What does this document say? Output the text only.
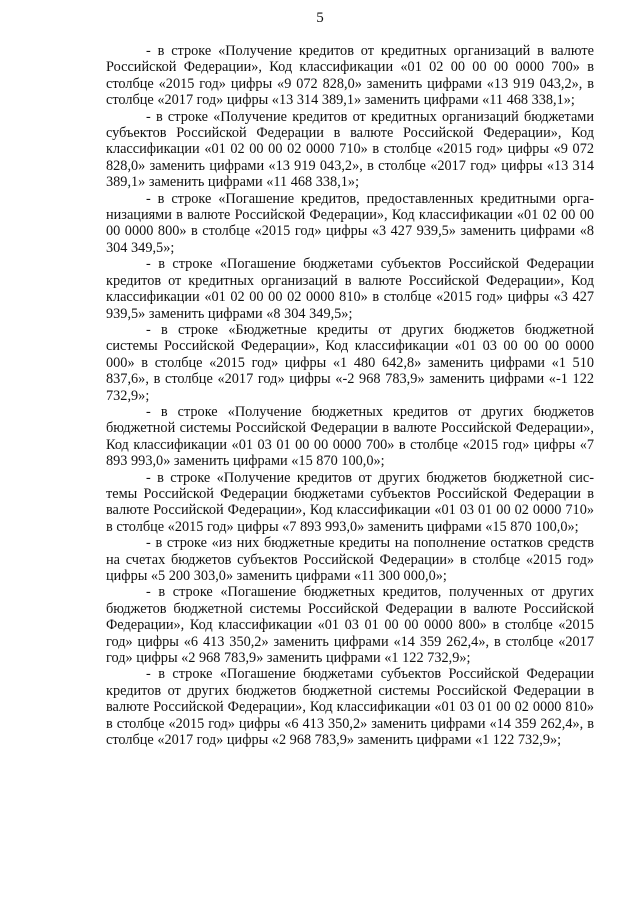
5

- в строке «Получение кредитов от кредитных организаций в валюте Российской Федерации», Код классификации «01 02 00 00 00 0000 700» в столбце «2015 год» цифры «9 072 828,0» заменить цифрами «13 919 043,2», в столбце «2017 год» цифры «13 314 389,1» заменить цифрами «11 468 338,1»;

- в строке «Получение кредитов от кредитных организаций бюджетами субъектов Российской Федерации в валюте Российской Федерации», Код классификации «01 02 00 00 02 0000 710» в столбце «2015 год» цифры «9 072 828,0» заменить цифрами «13 919 043,2», в столбце «2017 год» цифры «13 314 389,1» заменить цифрами «11 468 338,1»;

- в строке «Погашение кредитов, предоставленных кредитными организациями в валюте Российской Федерации», Код классификации «01 02 00 00 00 0000 800» в столбце «2015 год» цифры «3 427 939,5» заменить цифрами «8 304 349,5»;

- в строке «Погашение бюджетами субъектов Российской Федерации кредитов от кредитных организаций в валюте Российской Федерации», Код классификации «01 02 00 00 02 0000 810» в столбце «2015 год» цифры «3 427 939,5» заменить цифрами «8 304 349,5»;

- в строке «Бюджетные кредиты от других бюджетов бюджетной системы Российской Федерации», Код классификации «01 03 00 00 00 0000 000» в столбце «2015 год» цифры «1 480 642,8» заменить цифрами «1 510 837,6», в столбце «2017 год» цифры «-2 968 783,9» заменить цифрами «-1 122 732,9»;

- в строке «Получение бюджетных кредитов от других бюджетов бюджетной системы Российской Федерации в валюте Российской Федерации», Код классификации «01 03 01 00 00 0000 700» в столбце «2015 год» цифры «7 893 993,0» заменить цифрами «15 870 100,0»;

- в строке «Получение кредитов от других бюджетов бюджетной системы Российской Федерации бюджетами субъектов Российской Федерации в валюте Российской Федерации», Код классификации «01 03 01 00 02 0000 710» в столбце «2015 год» цифры «7 893 993,0» заменить цифрами «15 870 100,0»;

- в строке «из них бюджетные кредиты на пополнение остатков средств на счетах бюджетов субъектов Российской Федерации» в столбце «2015 год» цифры «5 200 303,0» заменить цифрами «11 300 000,0»;

- в строке «Погашение бюджетных кредитов, полученных от других бюджетов бюджетной системы Российской Федерации в валюте Российской Федерации», Код классификации «01 03 01 00 00 0000 800» в столбце «2015 год» цифры «6 413 350,2» заменить цифрами «14 359 262,4», в столбце «2017 год» цифры «2 968 783,9» заменить цифрами «1 122 732,9»;

- в строке «Погашение бюджетами субъектов Российской Федерации кредитов от других бюджетов бюджетной системы Российской Федерации в валюте Российской Федерации», Код классификации «01 03 01 00 02 0000 810» в столбце «2015 год» цифры «6 413 350,2» заменить цифрами «14 359 262,4», в столбце «2017 год» цифры «2 968 783,9» заменить цифрами «1 122 732,9»;
